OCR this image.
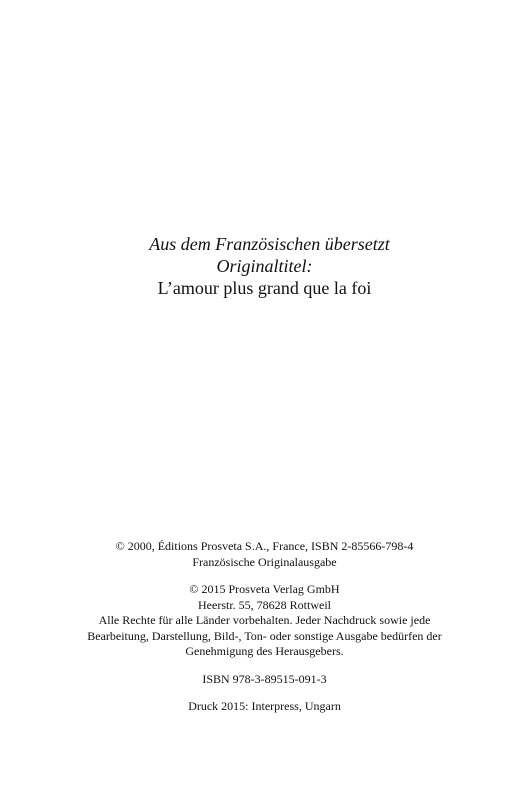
Aus dem Französischen übersetzt
Originaltitel:
L’amour plus grand que la foi
© 2000, Éditions Prosveta S.A., France, ISBN 2-85566-798-4
Französische Originalausgabe
© 2015 Prosveta Verlag GmbH
Heerstr. 55, 78628 Rottweil
Alle Rechte für alle Länder vorbehalten. Jeder Nachdruck sowie jede
Bearbeitung, Darstellung, Bild-, Ton- oder sonstige Ausgabe bedürfen der
Genehmigung des Herausgebers.
ISBN 978-3-89515-091-3
Druck 2015: Interpress, Ungarn
